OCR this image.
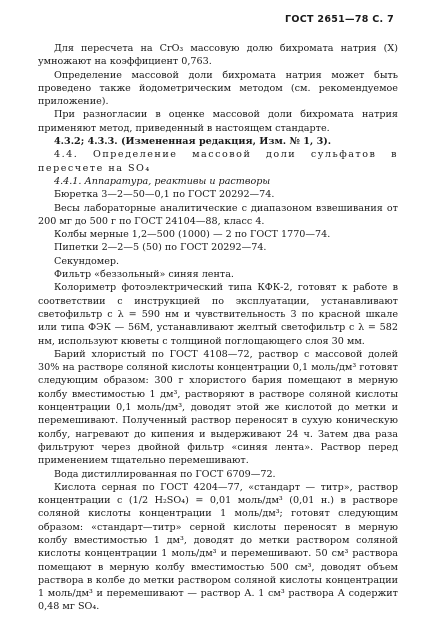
ГОСТ 2651—78 С. 7

Для пересчета на CrO₃ массовую долю бихромата натрия (X) умножают на коэффициент 0,763.

Определение массовой доли бихромата натрия может быть проведено также йодометрическим методом (см. рекомендуемое приложение).

При разногласии в оценке массовой доли бихромата натрия применяют метод, приведенный в настоящем стандарте.

4.3.2; 4.3.3. (Измененная редакция, Изм. № 1, 3).

4.4. Определение массовой доли сульфатов в пересчете на SO₄

4.4.1. Аппаратура, реактивы и растворы

Бюретка 3—2—50—0,1 по ГОСТ 20292—74.

Весы лабораторные аналитические с диапазоном взвешивания от 200 мг до 500 г по ГОСТ 24104—88, класс 4.

Колбы мерные 1,2—500 (1000) — 2 по ГОСТ 1770—74.

Пипетки 2—2—5 (50) по ГОСТ 20292—74.

Секундомер.

Фильтр «беззольный» синяя лента.

Колориметр фотоэлектрический типа КФК-2, готовят к работе в соответствии с инструкцией по эксплуатации, устанавливают светофильтр с λ = 590 нм и чувствительность 3 по красной шкале или типа ФЭК — 56М, устанавливают желтый светофильтр с λ = 582 нм, используют кюветы с толщиной поглощающего слоя 30 мм.

Барий хлористый по ГОСТ 4108—72, раствор с массовой долей 30% на растворе соляной кислоты концентрации 0,1 моль/дм³ готовят следующим образом: 300 г хлористого бария помещают в мерную колбу вместимостью 1 дм³, растворяют в растворе соляной кислоты концентрации 0,1 моль/дм³, доводят этой же кислотой до метки и перемешивают. Полученный раствор переносят в сухую коническую колбу, нагревают до кипения и выдерживают 24 ч. Затем два раза фильтруют через двойной фильтр «синяя лента». Раствор перед применением тщательно перемешивают.

Вода дистиллированная по ГОСТ 6709—72.

Кислота серная по ГОСТ 4204—77, «стандарт — титр», раствор концентрации c (1/2 H₂SO₄) = 0,01 моль/дм³ (0,01 н.) в растворе соляной кислоты концентрации 1 моль/дм³; готовят следующим образом: «стандарт—титр» серной кислоты переносят в мерную колбу вместимостью 1 дм³, доводят до метки раствором соляной кислоты концентрации 1 моль/дм³ и перемешивают. 50 см³ раствора помещают в мерную колбу вместимостью 500 см³, доводят объем раствора в колбе до метки раствором соляной кислоты концентрации 1 моль/дм³ и перемешивают — раствор А. 1 см³ раствора А содержит 0,48 мг SO₄.
